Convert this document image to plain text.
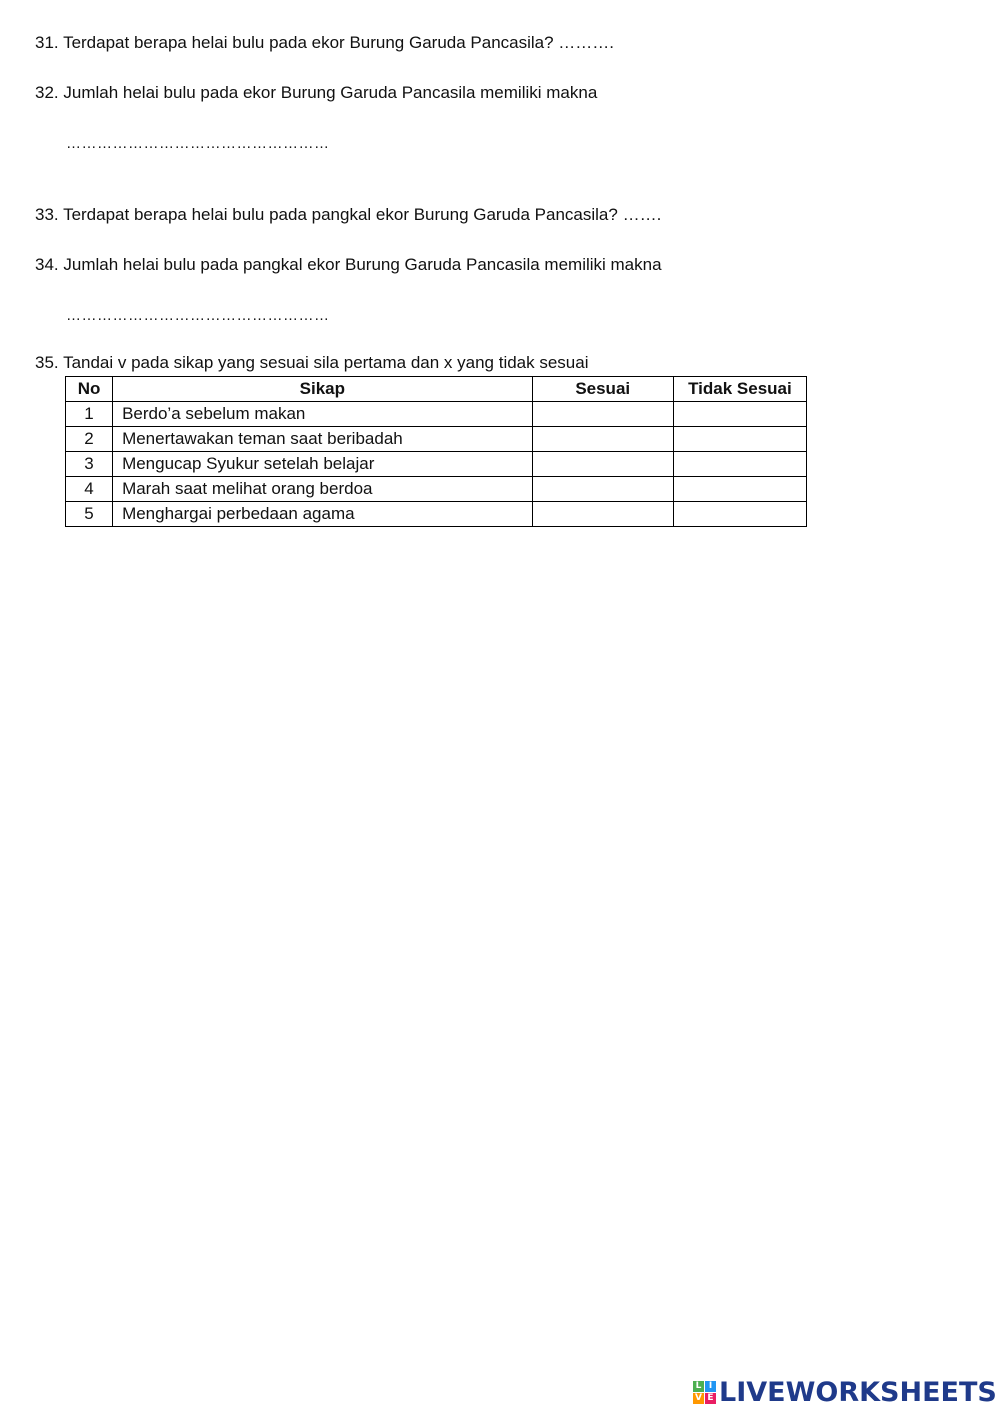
31. Terdapat berapa helai bulu pada ekor Burung Garuda Pancasila? ……….
32. Jumlah helai bulu pada ekor Burung Garuda Pancasila memiliki makna
……………………………………………
33. Terdapat berapa helai bulu pada pangkal ekor Burung Garuda Pancasila? …….
34. Jumlah helai bulu pada pangkal ekor Burung Garuda Pancasila memiliki makna
……………………………………………
35. Tandai v pada sikap yang sesuai sila pertama dan x yang tidak sesuai
No	Sikap	Sesuai	Tidak Sesuai
1	Berdo’a sebelum makan		
2	Menertawakan teman saat beribadah		
3	Mengucap Syukur setelah belajar		
4	Marah saat melihat orang berdoa		
5	Menghargai perbedaan agama		
L I
V E LIVEWORKSHEETS
